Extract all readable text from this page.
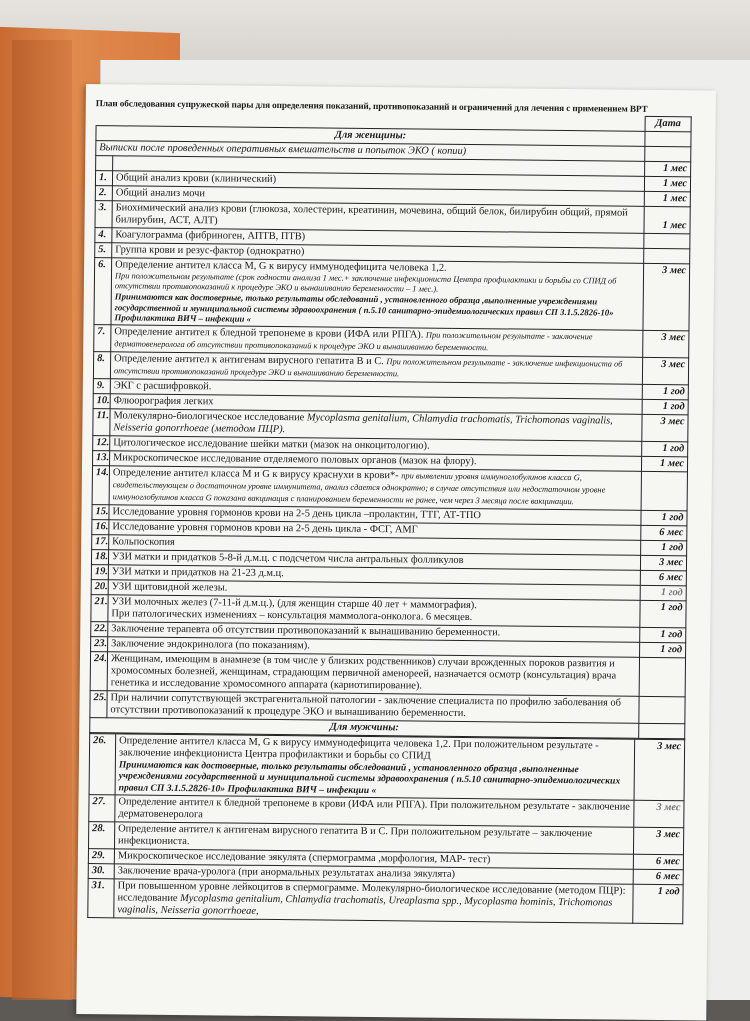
План обследования супружеской пары для определения показаний, противопоказаний и ограничений для лечения с применением ВРТ
		Дата
Для женщины:		
Выписки после проведенных оперативных вмешательств и попыток ЭКО ( копии)		
		1 мес
1.	Общий анализ крови (клинический)	1 мес
2.	Общий анализ мочи	1 мес
3.	Биохимический анализ крови (глюкоза, холестерин, креатинин, мочевина, общий белок, билирубин общий, прямой билирубин, АСТ, АЛТ)	1 мес
4.	Коагулограмма (фибриноген, АПТВ, ПТВ)	
5.	Группа крови и резус-фактор (однократно)	
6.	Определение антител класса M, G к вирусу иммунодефицита человека 1,2.
При положительном результате (срок годности анализа 1 мес.+ заключение инфекциониста Центра профилактики и борьбы со СПИД об отсутствии противопоказаний к процедуре ЭКО и вынашиванию беременности – 1 мес.).
Принимаются как достоверные, только результаты обследований , установленного образца ,выполненные учреждениями государственной и муниципальной системы здравоохранения ( п.5.10 санитарно-эпидемиологических правил СП 3.1.5.2826-10» Профилактика ВИЧ – инфекции «	3 мес
7.	Определение антител к бледной трепонеме в крови (ИФА или РПГА). При положительном результате - заключение дерматовенеролога об отсутствии противопоказаний к процедуре ЭКО и вынашиванию беременности.	3 мес
8.	Определение антител к антигенам вирусного гепатита В и С. При положительном результате - заключение инфекциониста об отсутствии противопоказаний процедуре ЭКО и вынашиванию беременности.	3 мес
9.	ЭКГ с расшифровкой.	1 год
10.	Флюорография легких	1 год
11.	Молекулярно-биологическое исследование Mycoplasma genitalium, Chlamydia trachomatis, Trichomonas vaginalis, Neisseria gonorrhoeae (методом ПЦР).	3 мес
12.	Цитологическое исследование шейки матки (мазок на онкоцитологию).	1 год
13.	Микроскопическое исследование отделяемого половых органов (мазок на флору).	1 мес
14.	Определение антител класса M и G к вирусу краснухи в крови*- при выявлении уровня иммуноглобулинов класса G, свидетельствующем о достаточном уровне иммунитета, анализ сдается однократно; в случае отсутствия или недостаточном уровне иммуноглобулинов класса G показана вакцинация с планированием беременности не ранее, чем через 3 месяца после вакцинации.	
15.	Исследование уровня гормонов крови на 2-5 день цикла –пролактин, ТТГ, АТ-ТПО	1 год
16.	Исследование уровня гормонов крови на 2-5 день цикла - ФСГ, АМГ	6 мес
17.	Кольпоскопия	1 год
18.	УЗИ матки и придатков 5-8-й д.м.ц. с подсчетом числа антральных фолликулов	3 мес
19.	УЗИ матки и придатков на 21-23 д.м.ц.	6 мес
20.	УЗИ щитовидной железы.	1 год
21.	УЗИ молочных желез (7-11-й д.м.ц.), (для женщин старше 40 лет + маммография).
При патологических изменениях – консультация маммолога-онколога. 6 месяцев.	1 год
22.	Заключение терапевта об отсутствии противопоказаний к вынашиванию беременности.	1 год
23.	Заключение эндокринолога (по показаниям).	1 год
24.	Женщинам, имеющим в анамнезе (в том числе у близких родственников) случаи врожденных пороков развития и хромосомных болезней, женщинам, страдающим первичной аменореей, назначается осмотр (консультация) врача генетика и исследование хромосомного аппарата (кариотипирование).	
25.	При наличии сопутствующей экстрагенитальной патологии - заключение специалиста по профилю заболевания об отсутствии противопоказаний к процедуре ЭКО и вынашиванию беременности.	
Для мужчины:		
26.	Определение антител класса M, G к вирусу иммунодефицита человека 1,2. При положительном результате - заключение инфекциониста Центра профилактики и борьбы со СПИД
Принимаются как достоверные, только результаты обследований , установленного образца ,выполненные учреждениями государственной и муниципальной системы здравоохранения ( п.5.10 санитарно-эпидемиологических правил СП 3.1.5.2826-10» Профилактика ВИЧ – инфекции «	3 мес
27.	Определение антител к бледной трепонеме в крови (ИФА или РПГА). При положительном результате - заключение дерматовенеролога	3 мес
28.	Определение антител к антигенам вирусного гепатита В и С. При положительном результате – заключение инфекциониста.	3 мес
29.	Микроскопическое исследование эякулята (спермограмма ,морфология, МАР- тест)	6 мес
30.	Заключение врача-уролога (при анормальных результатах анализа эякулята)	6 мес
31.	При повышенном уровне лейкоцитов в спермограмме. Молекулярно-биологическое исследование (методом ПЦР): исследование Mycoplasma genitalium, Chlamydia trachomatis, Ureaplasma spp., Mycoplasma hominis, Trichomonas vaginalis, Neisseria gonorrhoeae,	1 год
